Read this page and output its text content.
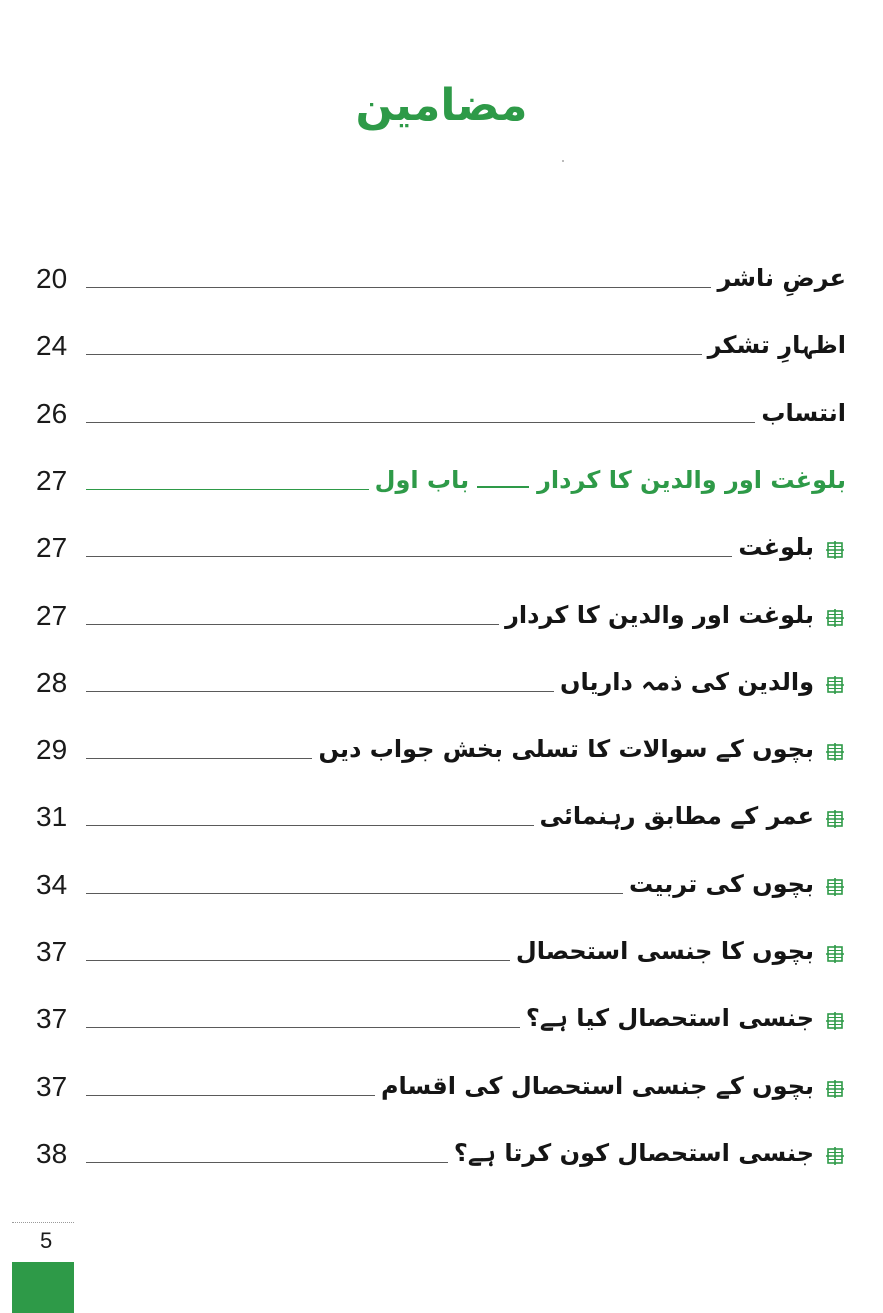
مضامین
عرضِ ناشر
20
اظہارِ تشکر
24
انتساب
26
باب اول	بلوغت اور والدین کا کردار
27
بلوغت
27
بلوغت اور والدین کا کردار
27
والدین کی ذمہ داریاں
28
بچوں کے سوالات کا تسلی بخش جواب دیں
29
عمر کے مطابق رہنمائی
31
بچوں کی تربیت
34
بچوں کا جنسی استحصال
37
جنسی استحصال کیا ہے؟
37
بچوں کے جنسی استحصال کی اقسام
37
جنسی استحصال کون کرتا ہے؟
38
5
